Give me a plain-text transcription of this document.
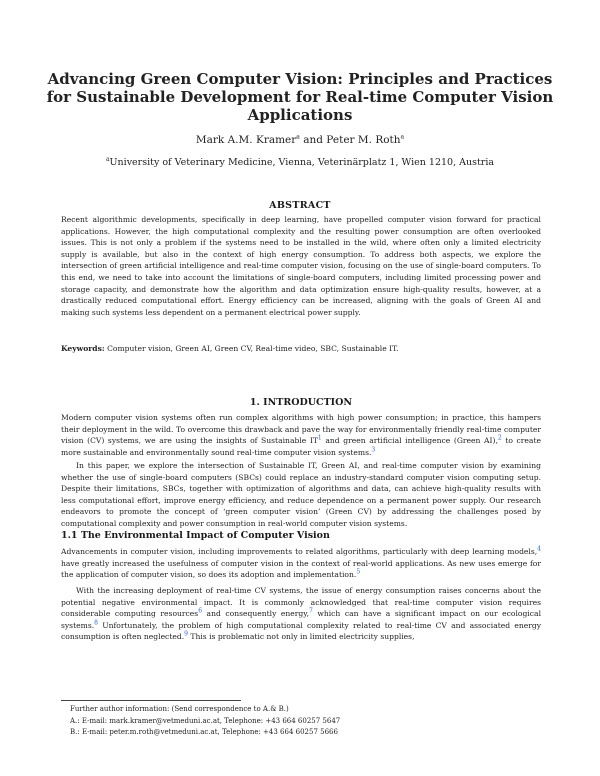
Advancing Green Computer Vision: Principles and Practices for Sustainable Development for Real-time Computer Vision Applications
Mark A.M. Kramer$^a$ and Peter M. Roth$^a$
$^a$University of Veterinary Medicine, Vienna, Veterinärplatz 1, Wien 1210, Austria
ABSTRACT
Recent algorithmic developments, specifically in deep learning, have propelled computer vision forward for practical applications. However, the high computational complexity and the resulting power consumption are often overlooked issues. This is not only a problem if the systems need to be installed in the wild, where often only a limited electricity supply is available, but also in the context of high energy consumption. To address both aspects, we explore the intersection of green artificial intelligence and real-time computer vision, focusing on the use of single-board computers. To this end, we need to take into account the limitations of single-board computers, including limited processing power and storage capacity, and demonstrate how the algorithm and data optimization ensure high-quality results, however, at a drastically reduced computational effort. Energy efficiency can be increased, aligning with the goals of Green AI and making such systems less dependent on a permanent electrical power supply.
Keywords: Computer vision, Green AI, Green CV, Real-time video, SBC, Sustainable IT.
1. INTRODUCTION
Modern computer vision systems often run complex algorithms with high power consumption; in practice, this hampers their deployment in the wild. To overcome this drawback and pave the way for environmentally friendly real-time computer vision (CV) systems, we are using the insights of Sustainable IT$^1$ and green artificial intelligence (Green AI),$^2$ to create more sustainable and environmentally sound real-time computer vision systems.$^3$
In this paper, we explore the intersection of Sustainable IT, Green AI, and real-time computer vision by examining whether the use of single-board computers (SBCs) could replace an industry-standard computer vision computing setup. Despite their limitations, SBCs, together with optimization of algorithms and data, can achieve high-quality results with less computational effort, improve energy efficiency, and reduce dependence on a permanent power supply. Our research endeavors to promote the concept of ‘green computer vision’ (Green CV) by addressing the challenges posed by computational complexity and power consumption in real-world computer vision systems.
1.1 The Environmental Impact of Computer Vision
Advancements in computer vision, including improvements to related algorithms, particularly with deep learning models,$^4$ have greatly increased the usefulness of computer vision in the context of real-world applications. As new uses emerge for the application of computer vision, so does its adoption and implementation.$^5$
With the increasing deployment of real-time CV systems, the issue of energy consumption raises concerns about the potential negative environmental impact. It is commonly acknowledged that real-time computer vision requires considerable computing resources$^6$ and consequently energy,$^7$ which can have a significant impact on our ecological systems.$^8$ Unfortunately, the problem of high computational complexity related to real-time CV and associated energy consumption is often neglected.$^9$ This is problematic not only in limited electricity supplies,
Further author information: (Send correspondence to A.& B.)
A.: E-mail: mark.kramer@vetmeduni.ac.at, Telephone: +43 664 60257 5647
B.: E-mail: peter.m.roth@vetmeduni.ac.at, Telephone: +43 664 60257 5666
